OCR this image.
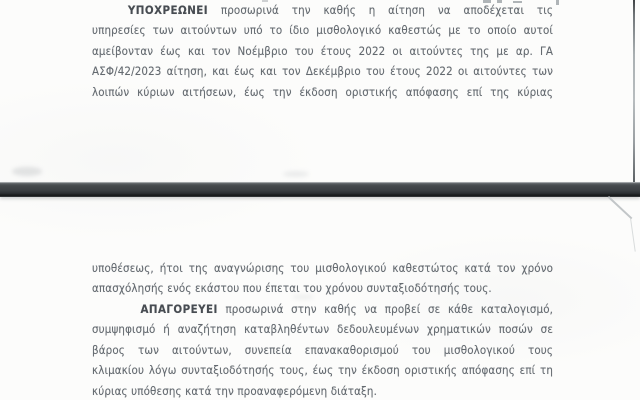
ΥΠΟΧΡΕΩΝΕΙ προσωρινά την καθής η αίτηση να αποδέχεται τις
υπηρεσίες των αιτούντων υπό το ίδιο μισθολογικό καθεστώς με το οποίο αυτοί
αμείβονταν έως και τον Νοέμβριο του έτους 2022 οι αιτούντες της με αρ. ΓΑ
ΑΣΦ/42/2023 αίτηση, και έως και τον Δεκέμβριο του έτους 2022 οι αιτούντες των
λοιπών κύριων αιτήσεων, έως την έκδοση οριστικής απόφασης επί της κύριας
υποθέσεως, ήτοι της αναγνώρισης του μισθολογικού καθεστώτος κατά τον χρόνο
απασχόλησής ενός εκάστου που έπεται του χρόνου συνταξιοδότησής τους.
ΑΠΑΓΟΡΕΥΕΙ προσωρινά στην καθής να προβεί σε κάθε καταλογισμό,
συμψηφισμό ή αναζήτηση καταβληθέντων δεδουλευμένων χρηματικών ποσών σε
βάρος των αιτούντων, συνεπεία επανακαθορισμού του μισθολογικού τους
κλιμακίου λόγω συνταξιοδότησής τους, έως την έκδοση οριστικής απόφασης επί τη
κύριας υπόθεσης κατά την προαναφερόμενη διάταξη.
